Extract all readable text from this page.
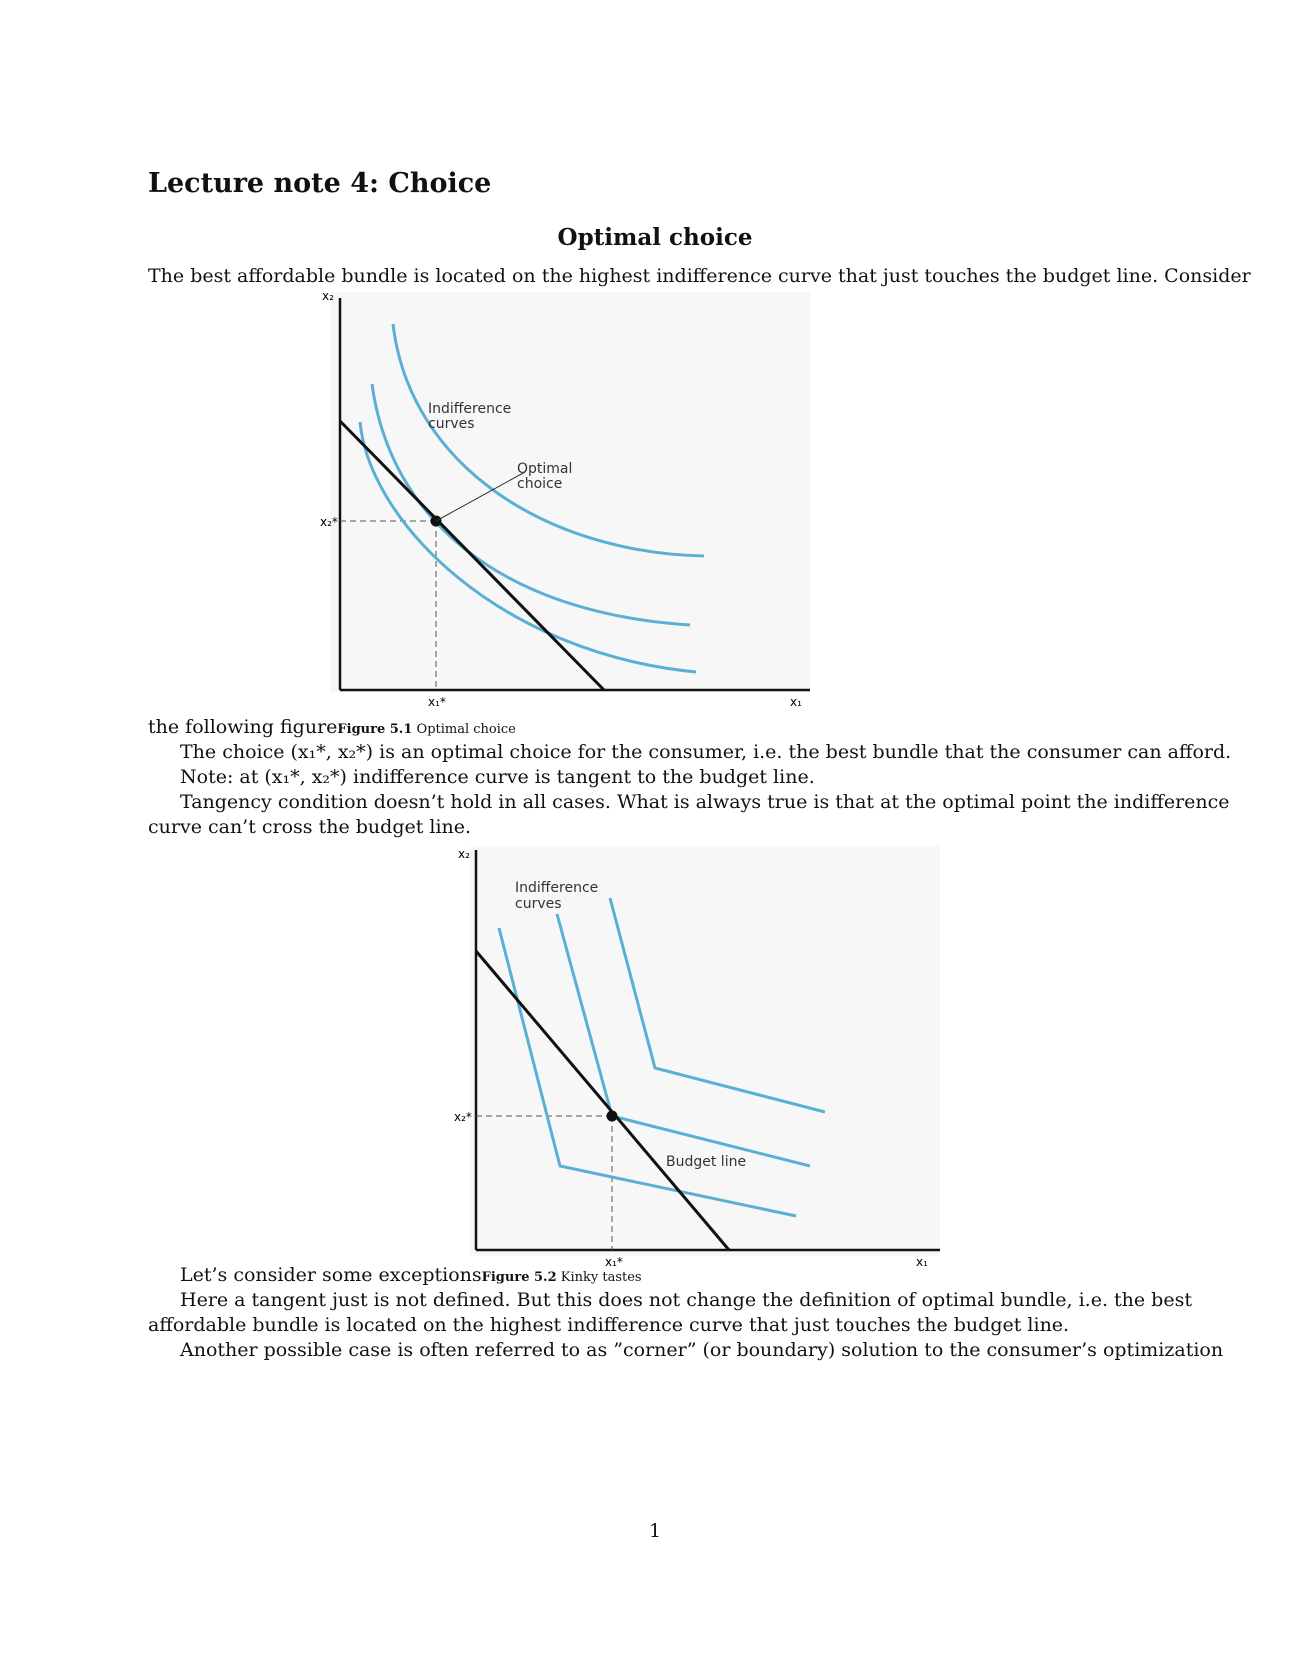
Lecture note 4: Choice
Optimal choice
The best affordable bundle is located on the highest indifference curve that just touches the budget line. Consider
x₂
x₂*
x₁*	x₁
Indifference
curves
Optimal
choice
the following figureFigure 5.1 Optimal choice
The choice (x₁*, x₂*) is an optimal choice for the consumer, i.e. the best bundle that the consumer can afford.
Note: at (x₁*, x₂*) indifference curve is tangent to the budget line.
Tangency condition doesn’t hold in all cases. What is always true is that at the optimal point the indifference
curve can’t cross the budget line.
x₂
x₂*
x₁*	x₁
Indifference
curves
Budget line
Let’s consider some exceptionsFigure 5.2 Kinky tastes
Here a tangent just is not defined. But this does not change the definition of optimal bundle, i.e. the best
affordable bundle is located on the highest indifference curve that just touches the budget line.
Another possible case is often referred to as ”corner” (or boundary) solution to the consumer’s optimization
1
